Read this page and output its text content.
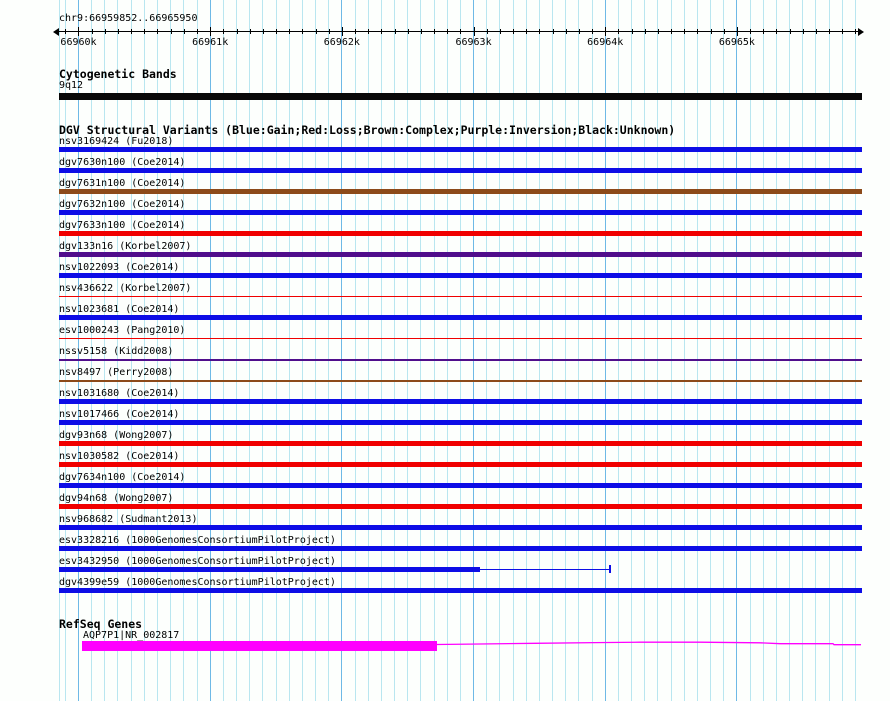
chr9:66959852..66965950
66960k	66961k	66962k	66963k	66964k	66965k
Cytogenetic Bands
9q12
DGV Structural Variants (Blue:Gain;Red:Loss;Brown:Complex;Purple:Inversion;Black:Unknown)
nsv3169424 (Fu2018)
dgv7630n100 (Coe2014)
dgv7631n100 (Coe2014)
dgv7632n100 (Coe2014)
dgv7633n100 (Coe2014)
dgv133n16 (Korbel2007)
nsv1022093 (Coe2014)
nsv436622 (Korbel2007)
nsv1023681 (Coe2014)
esv1000243 (Pang2010)
nssv5158 (Kidd2008)
nsv8497 (Perry2008)
nsv1031680 (Coe2014)
nsv1017466 (Coe2014)
dgv93n68 (Wong2007)
nsv1030582 (Coe2014)
dgv7634n100 (Coe2014)
dgv94n68 (Wong2007)
nsv968682 (Sudmant2013)
esv3328216 (1000GenomesConsortiumPilotProject)
esv3432950 (1000GenomesConsortiumPilotProject)
dgv4399e59 (1000GenomesConsortiumPilotProject)
RefSeq Genes
AQP7P1|NR_002817
